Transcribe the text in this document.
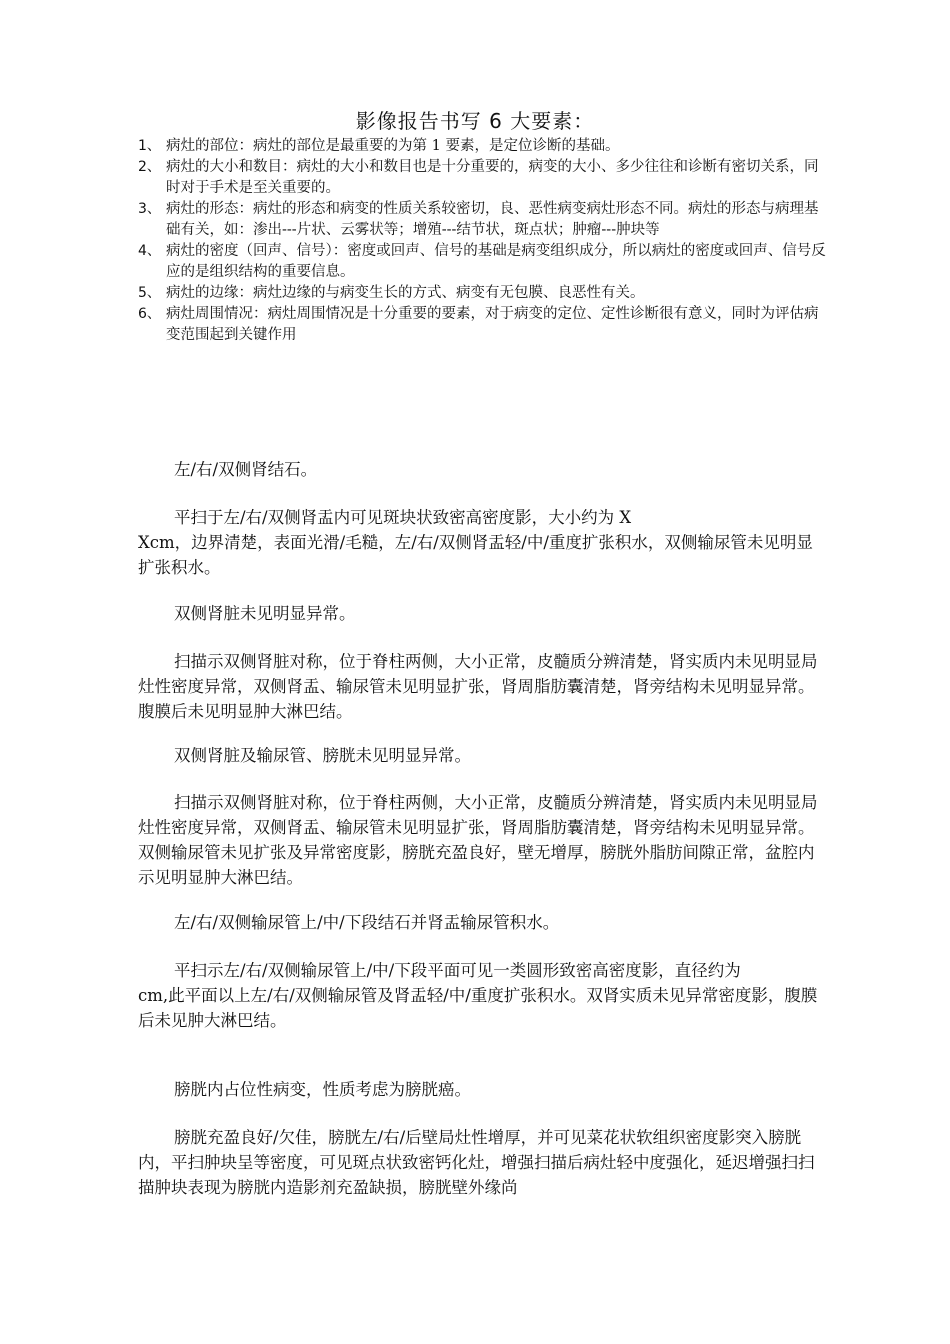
影像报告书写 6 大要素：
1、 病灶的部位：病灶的部位是最重要的为第 1 要素，是定位诊断的基础。
2、 病灶的大小和数目：病灶的大小和数目也是十分重要的，病变的大小、多少往往和诊断有密切关系，同时对于手术是至关重要的。
3、 病灶的形态：病灶的形态和病变的性质关系较密切，良、恶性病变病灶形态不同。病灶的形态与病理基础有关，如：渗出---片状、云雾状等；增殖---结节状，斑点状；肿瘤---肿块等
4、 病灶的密度（回声、信号）：密度或回声、信号的基础是病变组织成分，所以病灶的密度或回声、信号反应的是组织结构的重要信息。
5、 病灶的边缘：病灶边缘的与病变生长的方式、病变有无包膜、良恶性有关。
6、 病灶周围情况：病灶周围情况是十分重要的要素，对于病变的定位、定性诊断很有意义，同时为评估病变范围起到关键作用

左/右/双侧肾结石。

平扫于左/右/双侧肾盂内可见斑块状致密高密度影，大小约为 X

Xcm，边界清楚，表面光滑/毛糙，左/右/双侧肾盂轻/中/重度扩张积水，双侧输尿管未见明显扩张积水。

双侧肾脏未见明显异常。

扫描示双侧肾脏对称，位于脊柱两侧，大小正常，皮髓质分辨清楚，肾实质内未见明显局灶性密度异常，双侧肾盂、输尿管未见明显扩张，肾周脂肪囊清楚，肾旁结构未见明显异常。腹膜后未见明显肿大淋巴结。

双侧肾脏及输尿管、膀胱未见明显异常。

扫描示双侧肾脏对称，位于脊柱两侧，大小正常，皮髓质分辨清楚，肾实质内未见明显局灶性密度异常，双侧肾盂、输尿管未见明显扩张，肾周脂肪囊清楚，肾旁结构未见明显异常。双侧输尿管未见扩张及异常密度影，膀胱充盈良好，壁无增厚，膀胱外脂肪间隙正常，盆腔内示见明显肿大淋巴结。

左/右/双侧输尿管上/中/下段结石并肾盂输尿管积水。

平扫示左/右/双侧输尿管上/中/下段平面可见一类圆形致密高密度影，直径约为

cm,此平面以上左/右/双侧输尿管及肾盂轻/中/重度扩张积水。双肾实质未见异常密度影，腹膜后未见肿大淋巴结。

膀胱内占位性病变，性质考虑为膀胱癌。

膀胱充盈良好/欠佳，膀胱左/右/后壁局灶性增厚，并可见菜花状软组织密度影突入膀胱内，平扫肿块呈等密度，可见斑点状致密钙化灶，增强扫描后病灶轻中度强化，延迟增强扫扫描肿块表现为膀胱内造影剂充盈缺损，膀胱壁外缘尚
